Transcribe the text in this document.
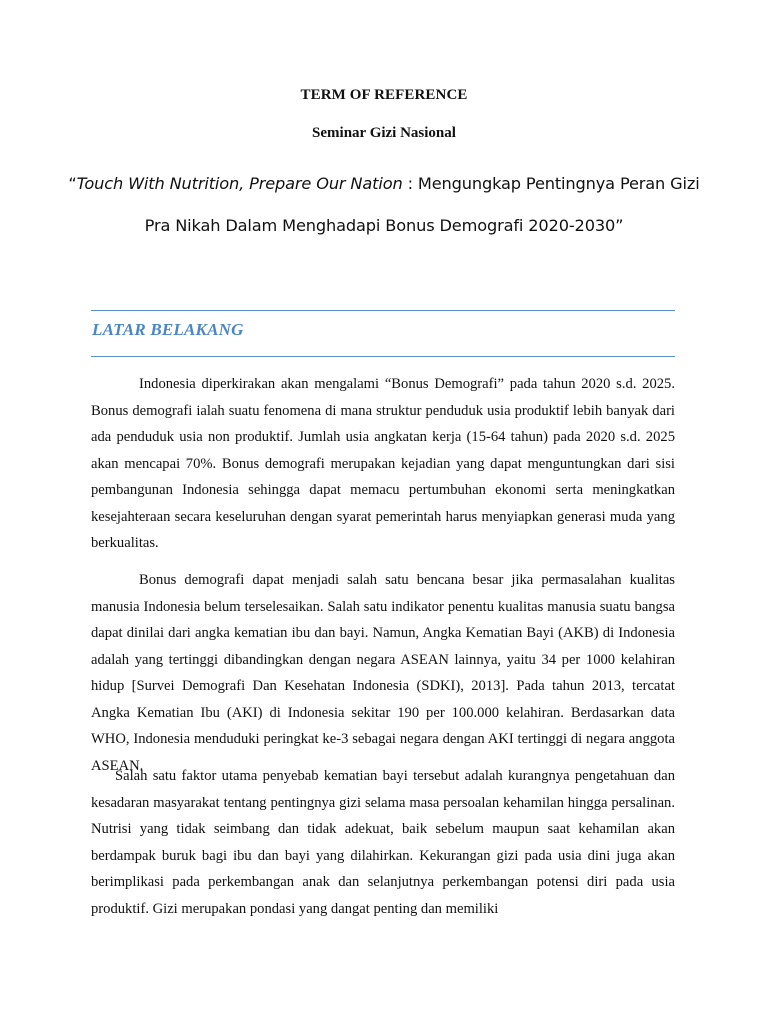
TERM OF REFERENCE
Seminar Gizi Nasional
“Touch With Nutrition, Prepare Our Nation : Mengungkap Pentingnya Peran Gizi Pra Nikah Dalam Menghadapi Bonus Demografi 2020-2030”
LATAR BELAKANG

Indonesia diperkirakan akan mengalami “Bonus Demografi” pada tahun 2020 s.d. 2025. Bonus demografi ialah suatu fenomena di mana struktur penduduk usia produktif lebih banyak dari ada penduduk usia non produktif. Jumlah usia angkatan kerja (15-64 tahun) pada 2020 s.d. 2025 akan mencapai 70%. Bonus demografi merupakan kejadian yang dapat menguntungkan dari sisi pembangunan Indonesia sehingga dapat memacu pertumbuhan ekonomi serta meningkatkan kesejahteraan secara keseluruhan dengan syarat pemerintah harus menyiapkan generasi muda yang berkualitas.

Bonus demografi dapat menjadi salah satu bencana besar jika permasalahan kualitas manusia Indonesia belum terselesaikan. Salah satu indikator penentu kualitas manusia suatu bangsa dapat dinilai dari angka kematian ibu dan bayi. Namun, Angka Kematian Bayi (AKB) di Indonesia adalah yang tertinggi dibandingkan dengan negara ASEAN lainnya, yaitu 34 per 1000 kelahiran hidup [Survei Demografi Dan Kesehatan Indonesia (SDKI), 2013]. Pada tahun 2013, tercatat Angka Kematian Ibu (AKI) di Indonesia sekitar 190 per 100.000 kelahiran. Berdasarkan data WHO, Indonesia menduduki peringkat ke-3 sebagai negara dengan AKI tertinggi di negara anggota ASEAN.

Salah satu faktor utama penyebab kematian bayi tersebut adalah kurangnya pengetahuan dan kesadaran masyarakat tentang pentingnya gizi selama masa persoalan kehamilan hingga persalinan. Nutrisi yang tidak seimbang dan tidak adekuat, baik sebelum maupun saat kehamilan akan berdampak buruk bagi ibu dan bayi yang dilahirkan. Kekurangan gizi pada usia dini juga akan berimplikasi pada perkembangan anak dan selanjutnya perkembangan potensi diri pada usia produktif. Gizi merupakan pondasi yang dangat penting dan memiliki
